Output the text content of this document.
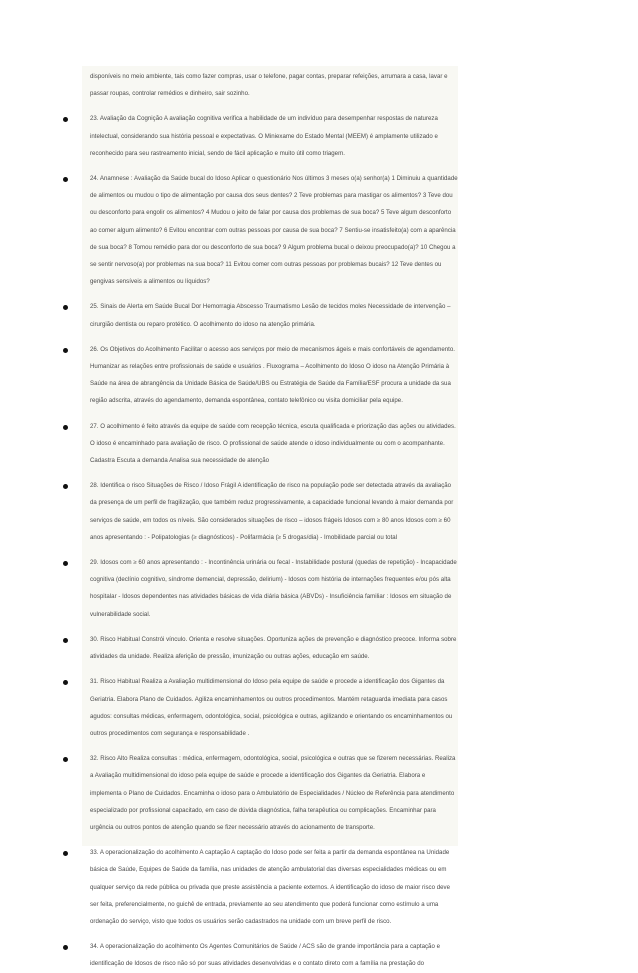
disponíveis no meio ambiente, tais como fazer compras, usar o telefone, pagar contas, preparar refeições, arrumara a casa, lavar e passar roupas, controlar remédios e dinheiro, sair sozinho.
23. Avaliação da Cognição A avaliação cognitiva verifica a habilidade de um indivíduo para desempenhar respostas de natureza intelectual, considerando sua história pessoal e expectativas. O Miniexame do Estado Mental (MEEM) é amplamente utilizado e reconhecido para seu rastreamento inicial, sendo de fácil aplicação e muito útil como triagem.
24. Anamnese : Avaliação da Saúde bucal do Idoso Aplicar o questionário Nos últimos 3 meses o(a) senhor(a) 1 Diminuiu a quantidade de alimentos ou mudou o tipo de alimentação por causa dos seus dentes? 2 Teve problemas para mastigar os alimentos? 3 Teve dou ou desconforto para engolir os alimentos? 4 Mudou o jeito de falar por causa dos problemas de sua boca? 5 Teve algum desconforto ao comer algum alimento? 6 Evitou encontrar com outras pessoas por causa de sua boca? 7 Sentiu-se insatisfeito(a) com a aparência de sua boca? 8 Tomou remédio para dor ou desconforto de sua boca? 9 Algum problema bucal o deixou preocupado(a)? 10 Chegou a se sentir nervoso(a) por problemas na sua boca? 11 Evitou comer com outras pessoas por problemas bucais? 12 Teve dentes ou gengivas sensíveis a alimentos ou líquidos?
25. Sinais de Alerta em Saúde Bucal Dor Hemorragia Abscesso Traumatismo Lesão de tecidos moles Necessidade de intervenção – cirurgião dentista ou reparo protético. O acolhimento do idoso na atenção primária.
26. Os Objetivos do Acolhimento Facilitar o acesso aos serviços por meio de mecanismos ágeis e mais confortáveis de agendamento. Humanizar as relações entre profissionais de saúde e usuários . Fluxograma – Acolhimento do Idoso O idoso na Atenção Primária à Saúde na área de abrangência da Unidade Básica de Saúde/UBS ou Estratégia de Saúde da Família/ESF procura a unidade da sua região adscrita, através do agendamento, demanda espontânea, contato telefônico ou visita domiciliar pela equipe.
27. O acolhimento é feito através da equipe de saúde com recepção técnica, escuta qualificada e priorização das ações ou atividades. O idoso é encaminhado para avaliação de risco. O profissional de saúde atende o idoso individualmente ou com o acompanhante. Cadastra Escuta a demanda Analisa sua necessidade de atenção
28. Identifica o risco Situações de Risco / Idoso Frágil A identificação de risco na população pode ser detectada através da avaliação da presença de um perfil de fragilização, que também reduz progressivamente, a capacidade funcional levando à maior demanda por serviços de saúde, em todos os níveis. São considerados situações de risco – idosos frágeis Idosos com ≥ 80 anos Idosos com ≥ 60 anos apresentando : - Polipatologias (≥ diagnósticos) - Polifarmácia (≥ 5 drogas/dia) - Imobilidade parcial ou total
29. Idosos com ≥ 60 anos apresentando : - Incontinência urinária ou fecal - Instabilidade postural (quedas de repetição) - Incapacidade cognitiva (declínio cognitivo, síndrome demencial, depressão, delirium) - Idosos com história de internações frequentes e/ou pós alta hospitalar - Idosos dependentes nas atividades básicas de vida diária básica (ABVDs) - Insuficiência familiar : Idosos em situação de vulnerabilidade social.
30. Risco Habitual Constrói vínculo. Orienta e resolve situações. Oportuniza ações de prevenção e diagnóstico precoce. Informa sobre atividades da unidade. Realiza aferição de pressão, imunização ou outras ações, educação em saúde.
31. Risco Habitual Realiza a Avaliação multidimensional do Idoso pela equipe de saúde e procede a identificação dos Gigantes da Geriatria. Elabora Plano de Cuidados. Agiliza encaminhamentos ou outros procedimentos. Mantém retaguarda imediata para casos agudos: consultas médicas, enfermagem, odontológica, social, psicológica e outras, agilizando e orientando os encaminhamentos ou outros procedimentos com segurança e responsabilidade .
32. Risco Alto Realiza consultas : médica, enfermagem, odontológica, social, psicológica e outras que se fizerem necessárias. Realiza a Avaliação multidimensional do idoso pela equipe de saúde e procede a identificação dos Gigantes da Geriatria. Elabora e implementa o Plano de Cuidados. Encaminha o idoso para o Ambulatório de Especialidades / Núcleo de Referência para atendimento especializado por profissional capacitado, em caso de dúvida diagnóstica, falha terapêutica ou complicações. Encaminhar para urgência ou outros pontos de atenção quando se fizer necessário através do acionamento de transporte.
33. A operacionalização do acolhimento A captação A captação do Idoso pode ser feita a partir da demanda espontânea na Unidade básica de Saúde, Equipes de Saúde da família, nas unidades de atenção ambulatorial das diversas especialidades médicas ou em qualquer serviço da rede pública ou privada que preste assistência a paciente externos. A identificação do idoso de maior risco deve ser feita, preferencialmente, no guichê de entrada, previamente ao seu atendimento que poderá funcionar como estímulo a uma ordenação do serviço, visto que todos os usuários serão cadastrados na unidade com um breve perfil de risco.
34. A operacionalização do acolhimento Os Agentes Comunitários de Saúde / ACS são de grande importância para a captação e identificação de Idosos de risco não só por suas atividades desenvolvidas e o contato direto com a família na prestação do
